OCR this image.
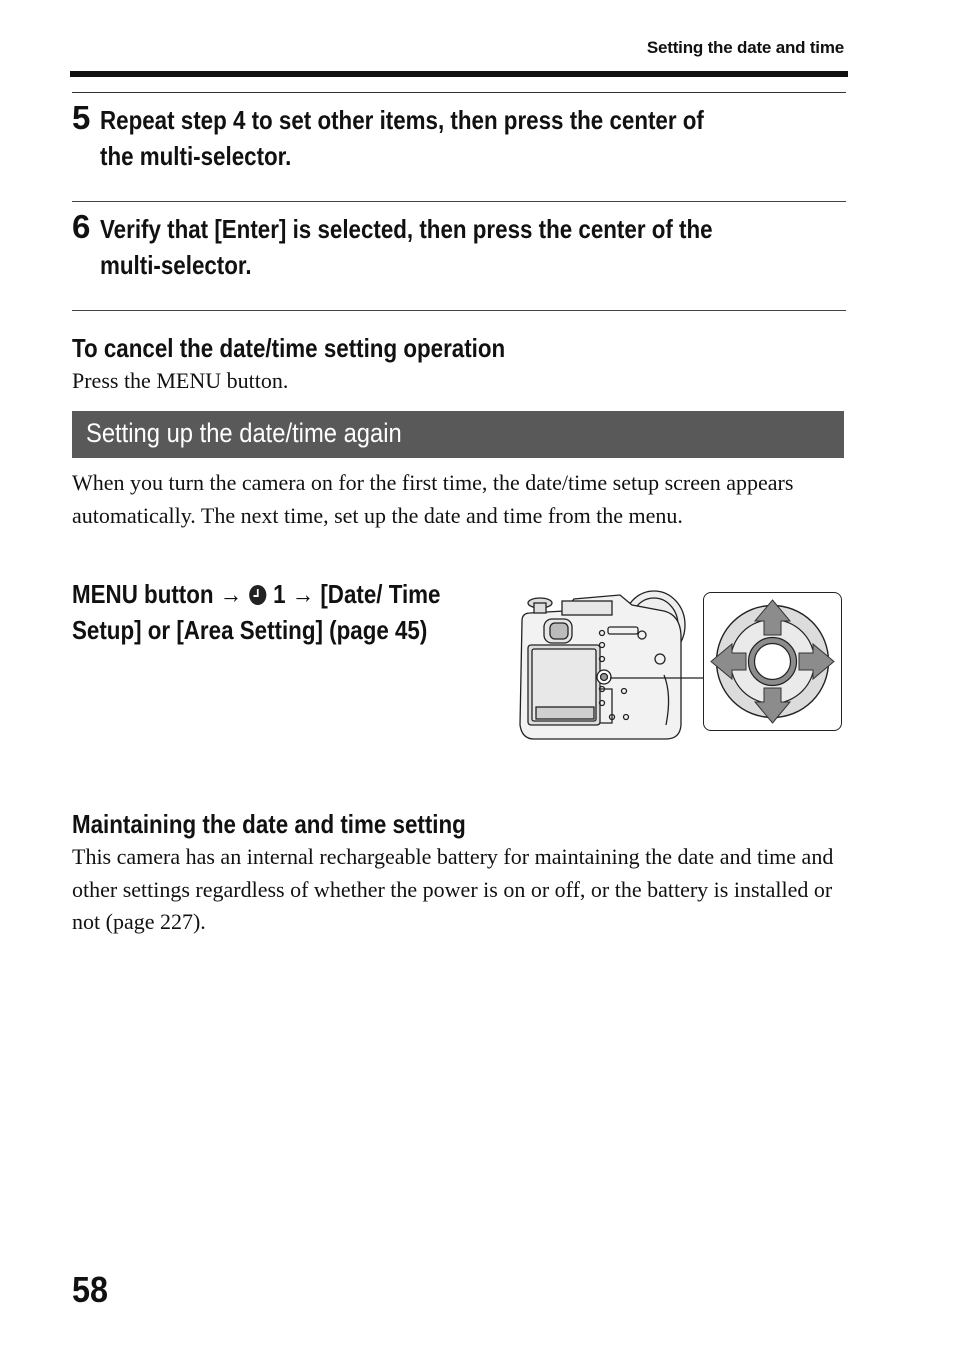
Setting the date and time
5 Repeat step 4 to set other items, then press the center of the multi-selector.
6 Verify that [Enter] is selected, then press the center of the multi-selector.
To cancel the date/time setting operation
Press the MENU button.
Setting up the date/time again
When you turn the camera on for the first time, the date/time setup screen appears automatically. The next time, set up the date and time from the menu.
MENU button → 1 → [Date/ Time Setup] or [Area Setting] (page 45)
Maintaining the date and time setting
This camera has an internal rechargeable battery for maintaining the date and time and other settings regardless of whether the power is on or off, or the battery is installed or not (page 227).
58
